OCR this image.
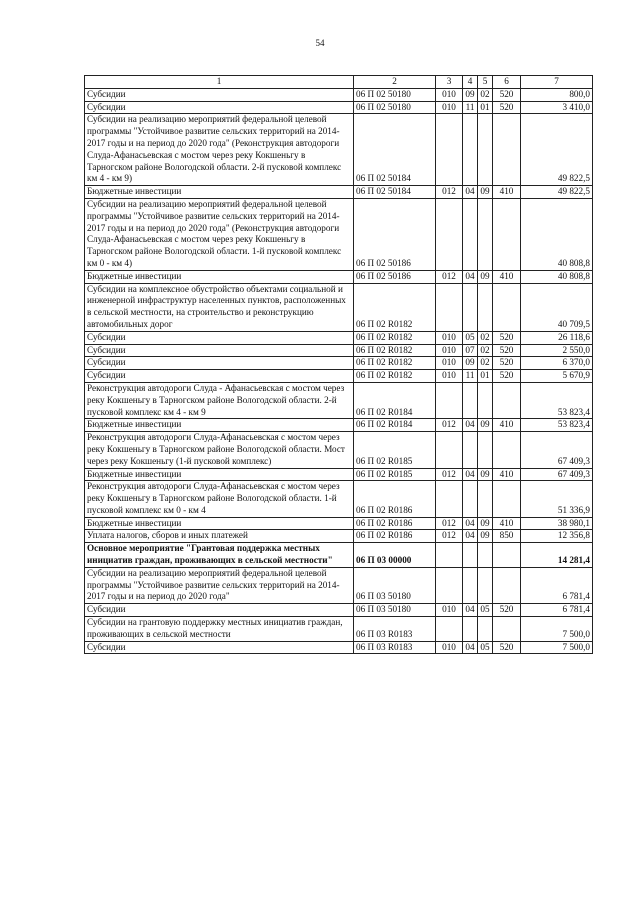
54
1	2	3	4	5	6	7
Субсидии	06 П 02 50180	010	09	02	520	800,0
Субсидии	06 П 02 50180	010	11	01	520	3 410,0
Субсидии на реализацию мероприятий федеральной целевой программы "Устойчивое развитие сельских территорий на 2014-2017 годы и на период до 2020 года" (Реконструкция автодороги Слуда-Афанасьевская с мостом через реку Кокшеньгу в Тарногском районе Вологодской области. 2-й пусковой комплекс км 4 - км 9)	06 П 02 50184					49 822,5
Бюджетные инвестиции	06 П 02 50184	012	04	09	410	49 822,5
Субсидии на реализацию мероприятий федеральной целевой программы "Устойчивое развитие сельских территорий на 2014-2017 годы и на период до 2020 года" (Реконструкция автодороги Слуда-Афанасьевская с мостом через реку Кокшеньгу в Тарногском районе Вологодской области. 1-й пусковой комплекс км 0 - км 4)	06 П 02 50186					40 808,8
Бюджетные инвестиции	06 П 02 50186	012	04	09	410	40 808,8
Субсидии на комплексное обустройство объектами социальной и инженерной инфраструктур населенных пунктов, расположенных в сельской местности, на строительство и реконструкцию автомобильных дорог	06 П 02 R0182					40 709,5
Субсидии	06 П 02 R0182	010	05	02	520	26 118,6
Субсидии	06 П 02 R0182	010	07	02	520	2 550,0
Субсидии	06 П 02 R0182	010	09	02	520	6 370,0
Субсидии	06 П 02 R0182	010	11	01	520	5 670,9
Реконструкция автодороги Слуда - Афанасьевская с мостом через реку Кокшеньгу в Тарногском районе Вологодской области. 2-й пусковой комплекс км 4 - км 9	06 П 02 R0184					53 823,4
Бюджетные инвестиции	06 П 02 R0184	012	04	09	410	53 823,4
Реконструкция автодороги Слуда-Афанасьевская с мостом через реку Кокшеньгу в Тарногском районе Вологодской области. Мост через реку Кокшеньгу (1-й пусковой комплекс)	06 П 02 R0185					67 409,3
Бюджетные инвестиции	06 П 02 R0185	012	04	09	410	67 409,3
Реконструкция автодороги Слуда-Афанасьевская с мостом через реку Кокшеньгу в Тарногском районе Вологодской области. 1-й пусковой комплекс км 0 - км 4	06 П 02 R0186					51 336,9
Бюджетные инвестиции	06 П 02 R0186	012	04	09	410	38 980,1
Уплата налогов, сборов и иных платежей	06 П 02 R0186	012	04	09	850	12 356,8
Основное мероприятие "Грантовая поддержка местных инициатив граждан, проживающих в сельской местности"	06 П 03 00000					14 281,4
Субсидии на реализацию мероприятий федеральной целевой программы "Устойчивое развитие сельских территорий на 2014-2017 годы и на период до 2020 года"	06 П 03 50180					6 781,4
Субсидии	06 П 03 50180	010	04	05	520	6 781,4
Субсидии на грантовую поддержку местных инициатив граждан, проживающих в сельской местности	06 П 03 R0183					7 500,0
Субсидии	06 П 03 R0183	010	04	05	520	7 500,0
